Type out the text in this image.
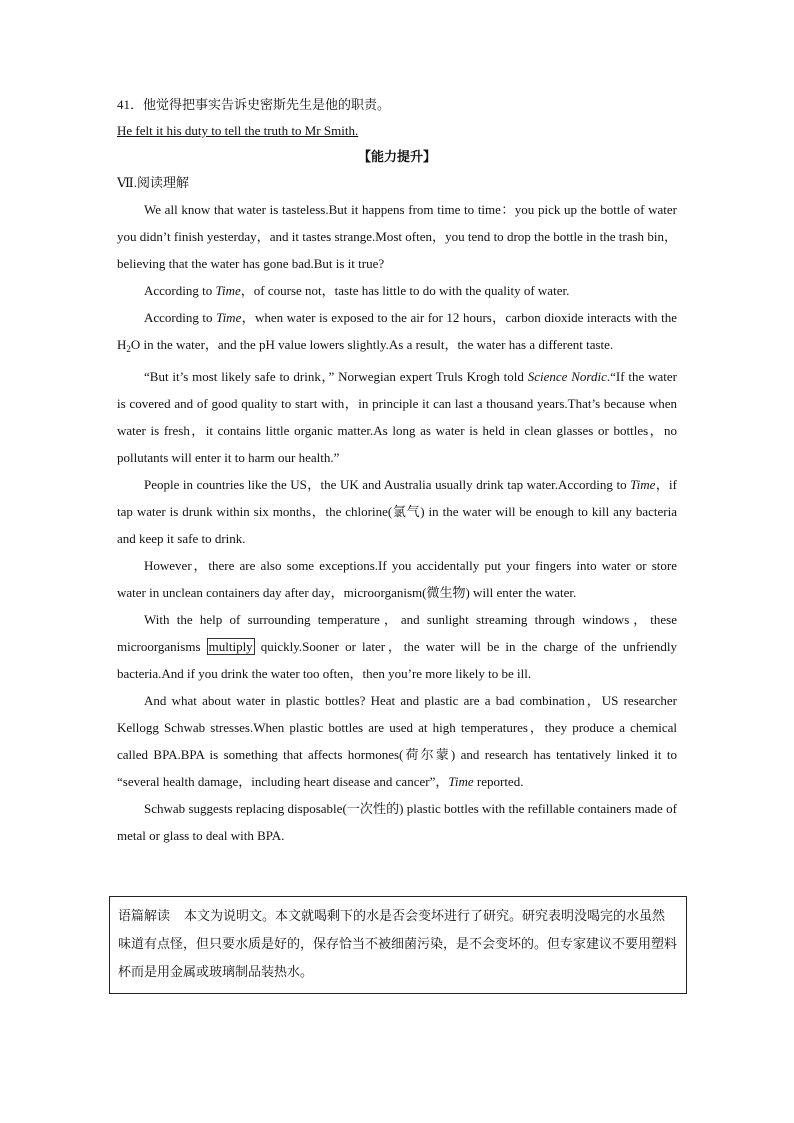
41．他觉得把事实告诉史密斯先生是他的职责。

He felt it his duty to tell the truth to Mr Smith.

【能力提升】

Ⅶ.阅读理解

We all know that water is tasteless.But it happens from time to time：you pick up the bottle of water you didn’t finish yesterday，and it tastes strange.Most often，you tend to drop the bottle in the trash bin，believing that the water has gone bad.But is it true?

According to Time，of course not，taste has little to do with the quality of water.

According to Time，when water is exposed to the air for 12 hours，carbon dioxide interacts with the $H_2O$ in the water，and the pH value lowers slightly.As a result，the water has a different taste.

“But it’s most likely safe to drink，” Norwegian expert Truls Krogh told Science Nordic.“If the water is covered and of good quality to start with，in principle it can last a thousand years.That’s because when water is fresh，it contains little organic matter.As long as water is held in clean glasses or bottles，no pollutants will enter it to harm our health.”

People in countries like the US，the UK and Australia usually drink tap water.According to Time，if tap water is drunk within six months，the chlorine(氯气) in the water will be enough to kill any bacteria and keep it safe to drink.

However，there are also some exceptions.If you accidentally put your fingers into water or store water in unclean containers day after day，microorganism(微生物) will enter the water.

With the help of surrounding temperature，and sunlight streaming through windows，these microorganisms multiply quickly.Sooner or later，the water will be in the charge of the unfriendly bacteria.And if you drink the water too often，then you’re more likely to be ill.

And what about water in plastic bottles? Heat and plastic are a bad combination，US researcher Kellogg Schwab stresses.When plastic bottles are used at high temperatures，they produce a chemical called BPA.BPA is something that affects hormones(荷尔蒙) and research has tentatively linked it to “several health damage，including heart disease and cancer”，Time reported.

Schwab suggests replacing disposable(一次性的) plastic bottles with the refillable containers made of metal or glass to deal with BPA.

语篇解读 本文为说明文。本文就喝剩下的水是否会变坏进行了研究。研究表明没喝完的水虽然味道有点怪，但只要水质是好的，保存恰当不被细菌污染，是不会变坏的。但专家建议不要用塑料杯而是用金属或玻璃制品装热水。
